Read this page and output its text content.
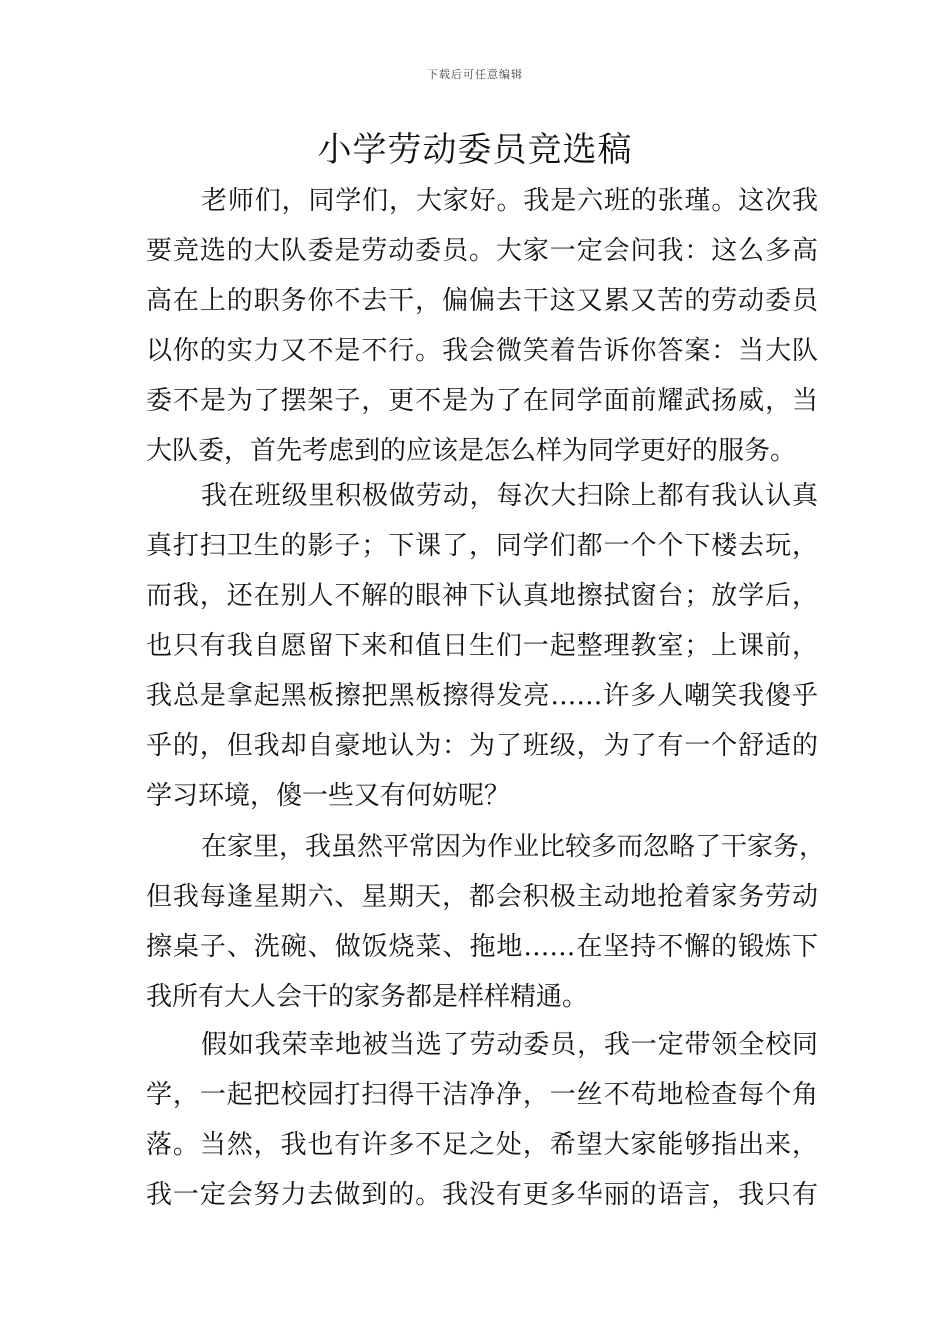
下载后可任意编辑
小学劳动委员竞选稿
老师们，同学们，大家好。我是六班的张瑾。这次我
要竞选的大队委是劳动委员。大家一定会问我：这么多高
高在上的职务你不去干，偏偏去干这又累又苦的劳动委员
以你的实力又不是不行。我会微笑着告诉你答案：当大队
委不是为了摆架子，更不是为了在同学面前耀武扬威，当
大队委，首先考虑到的应该是怎么样为同学更好的服务。
我在班级里积极做劳动，每次大扫除上都有我认认真
真打扫卫生的影子；下课了，同学们都一个个下楼去玩，
而我，还在别人不解的眼神下认真地擦拭窗台；放学后，
也只有我自愿留下来和值日生们一起整理教室；上课前，
我总是拿起黑板擦把黑板擦得发亮……许多人嘲笑我傻乎
乎的，但我却自豪地认为：为了班级，为了有一个舒适的
学习环境，傻一些又有何妨呢？
在家里，我虽然平常因为作业比较多而忽略了干家务，
但我每逢星期六、星期天，都会积极主动地抢着家务劳动
擦桌子、洗碗、做饭烧菜、拖地……在坚持不懈的锻炼下
我所有大人会干的家务都是样样精通。
假如我荣幸地被当选了劳动委员，我一定带领全校同
学，一起把校园打扫得干洁净净，一丝不苟地检查每个角
落。当然，我也有许多不足之处，希望大家能够指出来，
我一定会努力去做到的。我没有更多华丽的语言，我只有
